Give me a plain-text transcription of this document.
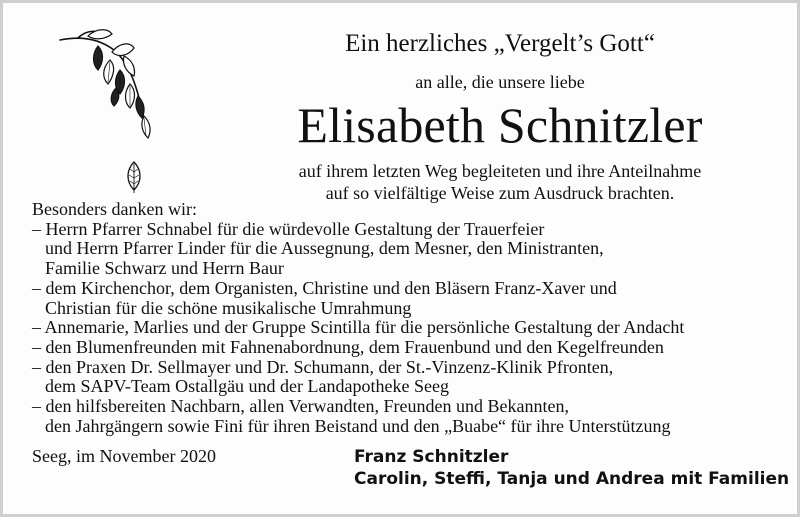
Ein herzliches „Vergelt’s Gott“
an alle, die unsere liebe
Elisabeth Schnitzler
auf ihrem letzten Weg begleiteten und ihre Anteilnahme
auf so vielfältige Weise zum Ausdruck brachten.
Besonders danken wir:
– Herrn Pfarrer Schnabel für die würdevolle Gestaltung der Trauerfeier
und Herrn Pfarrer Linder für die Aussegnung, dem Mesner, den Ministranten,
Familie Schwarz und Herrn Baur
– dem Kirchenchor, dem Organisten, Christine und den Bläsern Franz-Xaver und
Christian für die schöne musikalische Umrahmung
– Annemarie, Marlies und der Gruppe Scintilla für die persönliche Gestaltung der Andacht
– den Blumenfreunden mit Fahnenabordnung, dem Frauenbund und den Kegelfreunden
– den Praxen Dr. Sellmayer und Dr. Schumann, der St.-Vinzenz-Klinik Pfronten,
dem SAPV-Team Ostallgäu und der Landapotheke Seeg
– den hilfsbereiten Nachbarn, allen Verwandten, Freunden und Bekannten,
den Jahrgängern sowie Fini für ihren Beistand und den „Buabe“ für ihre Unterstützung
Seeg, im November 2020	Franz Schnitzler
Carolin, Steffi, Tanja und Andrea mit Familien
